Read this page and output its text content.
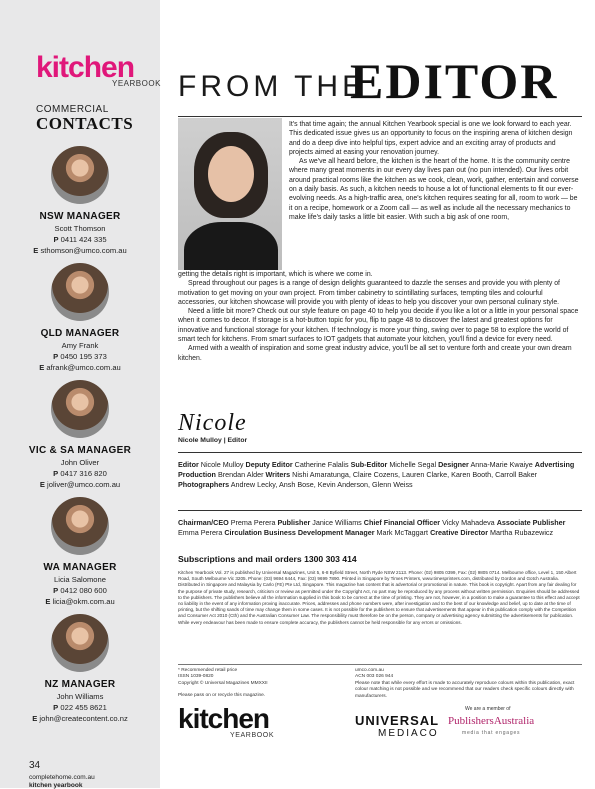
kitchen
YEARBOOK
COMMERCIAL
CONTACTS
NSW MANAGER
Scott Thomson
P 0411 424 335
E sthomson@umco.com.au
QLD MANAGER
Amy Frank
P 0450 195 373
E afrank@umco.com.au
VIC & SA MANAGER
John Oliver
P 0417 316 820
E joliver@umco.com.au
WA MANAGER
Licia Salomone
P 0412 080 600
E licia@okm.com.au
NZ MANAGER
John Williams
P 022 455 8621
E john@createcontent.co.nz
34
completehome.com.au
kitchen yearbook
FROM THE
EDITOR

It's that time again; the annual Kitchen Yearbook special is one we look forward to each year. This dedicated issue gives us an opportunity to focus on the inspiring arena of kitchen design and do a deep dive into helpful tips, expert advice and an exciting array of products and projects aimed at easing your renovation journey.

As we've all heard before, the kitchen is the heart of the home. It is the community centre where many great moments in our every day lives pan out (no pun intended). Our lives orbit around practical rooms like the kitchen as we cook, clean, work, gather, entertain and converse on a daily basis. As such, a kitchen needs to house a lot of functional elements to fit our ever-evolving needs. As a high-traffic area, one's kitchen requires seating for all, room to work — be it on a recipe, homework or a Zoom call — as well as include all the necessary mechanics to make life's daily tasks a little bit easier. With such a big ask of one room,

getting the details right is important, which is where we come in.

Spread throughout our pages is a range of design delights guaranteed to dazzle the senses and provide you with plenty of motivation to get moving on your own project. From timber cabinetry to scintillating surfaces, tempting tiles and colourful accessories, our kitchen showcase will provide you with plenty of ideas to help you discover your own personal culinary style.

Need a little bit more? Check out our style feature on page 40 to help you decide if you like a lot or a little in your personal space when it comes to decor. If storage is a hot-button topic for you, flip to page 48 to discover the latest and greatest options for innovative and functional storage for your kitchen. If technology is more your thing, swing over to page 58 to explore the world of smart tech for kitchens. From smart surfaces to IOT gadgets that automate your kitchen, you'll find a device for every need.

Armed with a wealth of inspiration and some great industry advice, you'll be all set to venture forth and create your own dream kitchen.

Nicole
Nicole Mulloy | Editor
Editor Nicole Mulloy Deputy Editor Catherine Falalis Sub-Editor Michelle Segal Designer Anna-Marie Kwaiye Advertising Production Brendan Alder Writers Nishi Amaratunga, Claire Cozens, Lauren Clarke, Karen Booth, Carroll Baker Photographers Andrew Lecky, Ansh Bose, Kevin Anderson, Glenn Weiss
Chairman/CEO Prema Perera Publisher Janice Williams Chief Financial Officer Vicky Mahadeva Associate Publisher Emma Perera Circulation Business Development Manager Mark McTaggart Creative Director Martha Rubazewicz
Subscriptions and mail orders 1300 303 414
Kitchen Yearbook Vol. 27 is published by Universal Magazines, Unit 5, 6-8 Byfield Street, North Ryde NSW 2113. Phone: (02) 9805 0399, Fax: (02) 9805 0714. Melbourne office, Level 1, 150 Albert Road, South Melbourne Vic 3205. Phone: (03) 9694 6444, Fax: (03) 9699 7890. Printed in Singapore by Times Printers, www.timesprinters.com, distributed by Gordon and Gotch Australia. Distributed in Singapore and Malaysia by Carlo (FE) Pte Ltd, Singapore. This magazine has content that is advertorial or promotional in nature. This book is copyright. Apart from any fair dealing for the purpose of private study, research, criticism or review as permitted under the Copyright Act, no part may be reproduced by any process without written permission. Enquiries should be addressed to the publishers. The publishers believe all the information supplied in this book to be correct at the time of printing. They are not, however, in a position to make a guarantee to this effect and accept no liability in the event of any information proving inaccurate. Prices, addresses and phone numbers were, after investigation and to the best of our knowledge and belief, up to date at the time of printing, but the shifting sands of time may change them in some cases. It is not possible for the publishers to ensure that advertisements that appear in this publication comply with the Competition and Consumer Act 2010 (Cth) and the Australian Consumer Law. The responsibility must therefore be on the person, company or advertising agency submitting the advertisements for publication. While every endeavour has been made to ensure complete accuracy, the publishers cannot be held responsible for any errors or omissions.

* Recommended retail price

ISSN 1039-0820

Copyright © Universal Magazines MMXXII

Please pass on or recycle this magazine.

umco.com.au

ACN 003 026 944

Please note that while every effort is made to accurately reproduce colours within this publication, exact colour matching is not possible and we recommend that our readers check specific colours directly with manufacturers.

kitchen
YEARBOOK
UNIVERSAL
MEDIACO
We are a member of
PublishersAustralia
media that engages
